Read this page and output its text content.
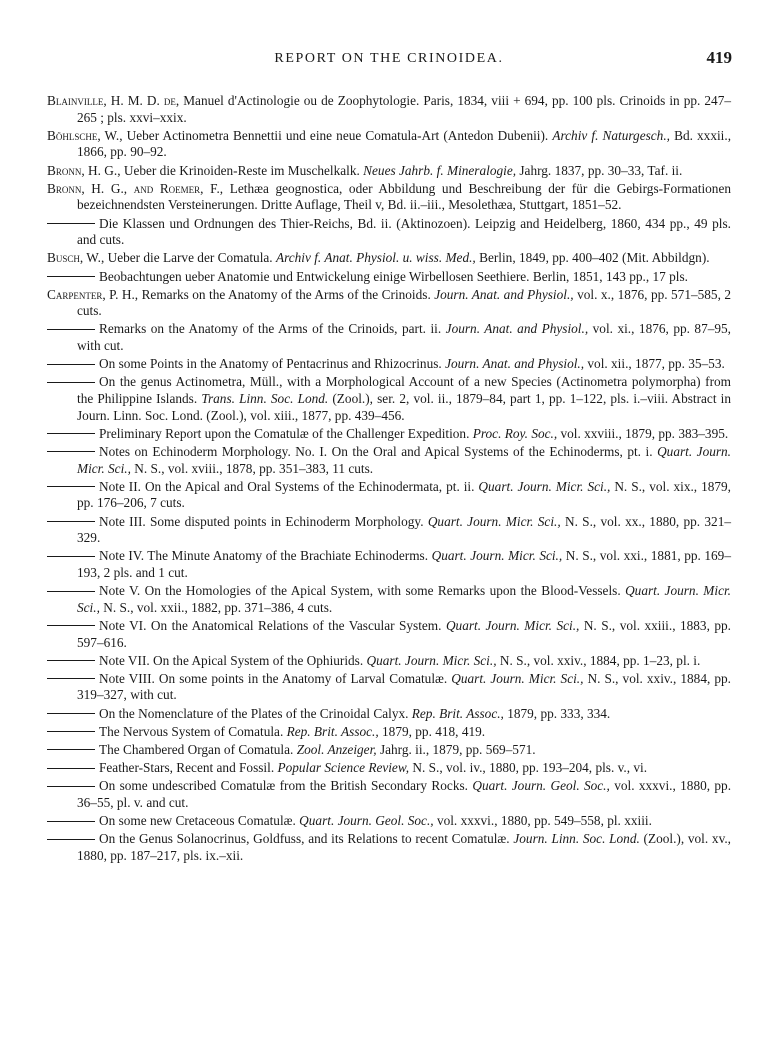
REPORT ON THE CRINOIDEA.	419
Blainville, H. M. D. de, Manuel d'Actinologie ou de Zoophytologie. Paris, 1834, viii + 694, pp. 100 pls. Crinoids in pp. 247–265 ; pls. xxvi–xxix.
Böhlsche, W., Ueber Actinometra Bennettii und eine neue Comatula-Art (Antedon Dubenii). Archiv f. Naturgesch., Bd. xxxii., 1866, pp. 90–92.
Bronn, H. G., Ueber die Krinoiden-Reste im Muschelkalk. Neues Jahrb. f. Mineralogie, Jahrg. 1837, pp. 30–33, Taf. ii.
Bronn, H. G., and Roemer, F., Lethæa geognostica, oder Abbildung und Beschreibung der für die Gebirgs-Formationen bezeichnendsten Versteinerungen. Dritte Auflage, Theil v, Bd. ii.–iii., Mesolethæa, Stuttgart, 1851–52.
Die Klassen und Ordnungen des Thier-Reichs, Bd. ii. (Aktinozoen). Leipzig and Heidelberg, 1860, 434 pp., 49 pls. and cuts.
Busch, W., Ueber die Larve der Comatula. Archiv f. Anat. Physiol. u. wiss. Med., Berlin, 1849, pp. 400–402 (Mit. Abbildgn).
Beobachtungen ueber Anatomie und Entwickelung einige Wirbellosen Seethiere. Berlin, 1851, 143 pp., 17 pls.
Carpenter, P. H., Remarks on the Anatomy of the Arms of the Crinoids. Journ. Anat. and Physiol., vol. x., 1876, pp. 571–585, 2 cuts.
Remarks on the Anatomy of the Arms of the Crinoids, part. ii. Journ. Anat. and Physiol., vol. xi., 1876, pp. 87–95, with cut.
On some Points in the Anatomy of Pentacrinus and Rhizocrinus. Journ. Anat. and Physiol., vol. xii., 1877, pp. 35–53.
On the genus Actinometra, Müll., with a Morphological Account of a new Species (Actinometra polymorpha) from the Philippine Islands. Trans. Linn. Soc. Lond. (Zool.), ser. 2, vol. ii., 1879–84, part 1, pp. 1–122, pls. i.–viii. Abstract in Journ. Linn. Soc. Lond. (Zool.), vol. xiii., 1877, pp. 439–456.
Preliminary Report upon the Comatulæ of the Challenger Expedition. Proc. Roy. Soc., vol. xxviii., 1879, pp. 383–395.
Notes on Echinoderm Morphology. No. I. On the Oral and Apical Systems of the Echinoderms, pt. i. Quart. Journ. Micr. Sci., N. S., vol. xviii., 1878, pp. 351–383, 11 cuts.
Note II. On the Apical and Oral Systems of the Echinodermata, pt. ii. Quart. Journ. Micr. Sci., N. S., vol. xix., 1879, pp. 176–206, 7 cuts.
Note III. Some disputed points in Echinoderm Morphology. Quart. Journ. Micr. Sci., N. S., vol. xx., 1880, pp. 321–329.
Note IV. The Minute Anatomy of the Brachiate Echinoderms. Quart. Journ. Micr. Sci., N. S., vol. xxi., 1881, pp. 169–193, 2 pls. and 1 cut.
Note V. On the Homologies of the Apical System, with some Remarks upon the Blood-Vessels. Quart. Journ. Micr. Sci., N. S., vol. xxii., 1882, pp. 371–386, 4 cuts.
Note VI. On the Anatomical Relations of the Vascular System. Quart. Journ. Micr. Sci., N. S., vol. xxiii., 1883, pp. 597–616.
Note VII. On the Apical System of the Ophiurids. Quart. Journ. Micr. Sci., N. S., vol. xxiv., 1884, pp. 1–23, pl. i.
Note VIII. On some points in the Anatomy of Larval Comatulæ. Quart. Journ. Micr. Sci., N. S., vol. xxiv., 1884, pp. 319–327, with cut.
On the Nomenclature of the Plates of the Crinoidal Calyx. Rep. Brit. Assoc., 1879, pp. 333, 334.
The Nervous System of Comatula. Rep. Brit. Assoc., 1879, pp. 418, 419.
The Chambered Organ of Comatula. Zool. Anzeiger, Jahrg. ii., 1879, pp. 569–571.
Feather-Stars, Recent and Fossil. Popular Science Review, N. S., vol. iv., 1880, pp. 193–204, pls. v., vi.
On some undescribed Comatulæ from the British Secondary Rocks. Quart. Journ. Geol. Soc., vol. xxxvi., 1880, pp. 36–55, pl. v. and cut.
On some new Cretaceous Comatulæ. Quart. Journ. Geol. Soc., vol. xxxvi., 1880, pp. 549–558, pl. xxiii.
On the Genus Solanocrinus, Goldfuss, and its Relations to recent Comatulæ. Journ. Linn. Soc. Lond. (Zool.), vol. xv., 1880, pp. 187–217, pls. ix.–xii.
